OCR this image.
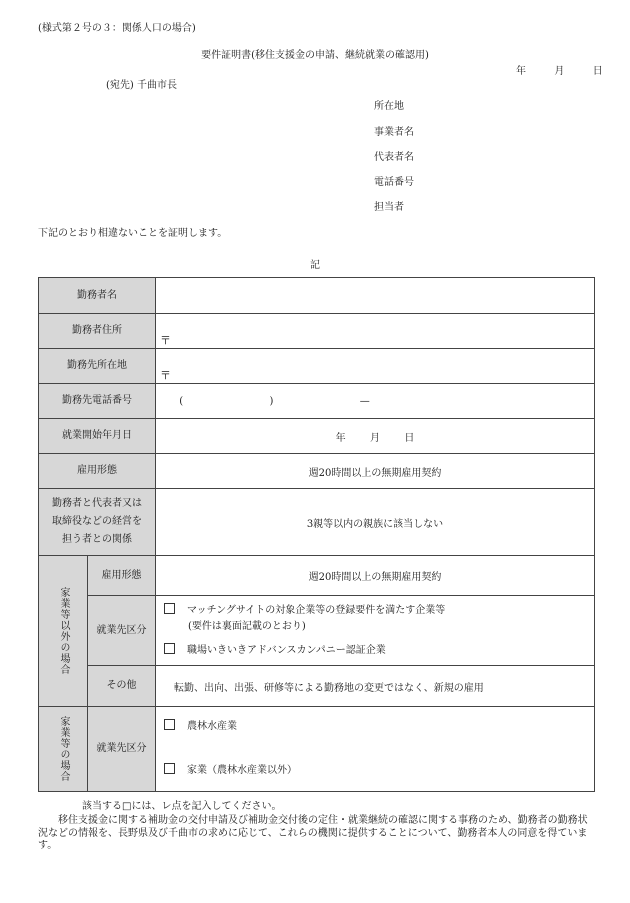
(様式第２号の３：関係人口の場合)
要件証明書(移住支援金の申請、継続就業の確認用)
年	月	日
(宛先) 千曲市長
所在地
事業者名
代表者名
電話番号
担当者
下記のとおり相違ないことを証明します。
記
勤務者名		
勤務者住所		〒

勤務先所在地		〒

勤務先電話番号		( ) —
就業開始年月日		年 月 日
雇用形態		週20時間以上の無期雇用契約

勤務者と代表者又は
取締役などの経営を
担う者との関係		3親等以内の親族に該当しない

家業等以外の場合	雇用形態	週20時間以上の無期雇用契約
	就業先区分	マッチングサイトの対象企業等の登録要件を満たす企業等
(要件は裏面記載のとおり)
職場いきいきアドバンスカンパニー認証企業

	その他	転勤、出向、出張、研修等による勤務地の変更ではなく、新規の雇用

家業等の場合	就業先区分	農林水産業
家業（農林水産業以外）
該当する□には、レ点を記入してください。
移住支援金に関する補助金の交付申請及び補助金交付後の定住・就業継続の確認に関する事務のため、勤務者の勤務状況などの情報を、長野県及び千曲市の求めに応じて、これらの機関に提供することについて、勤務者本人の同意を得ています。
